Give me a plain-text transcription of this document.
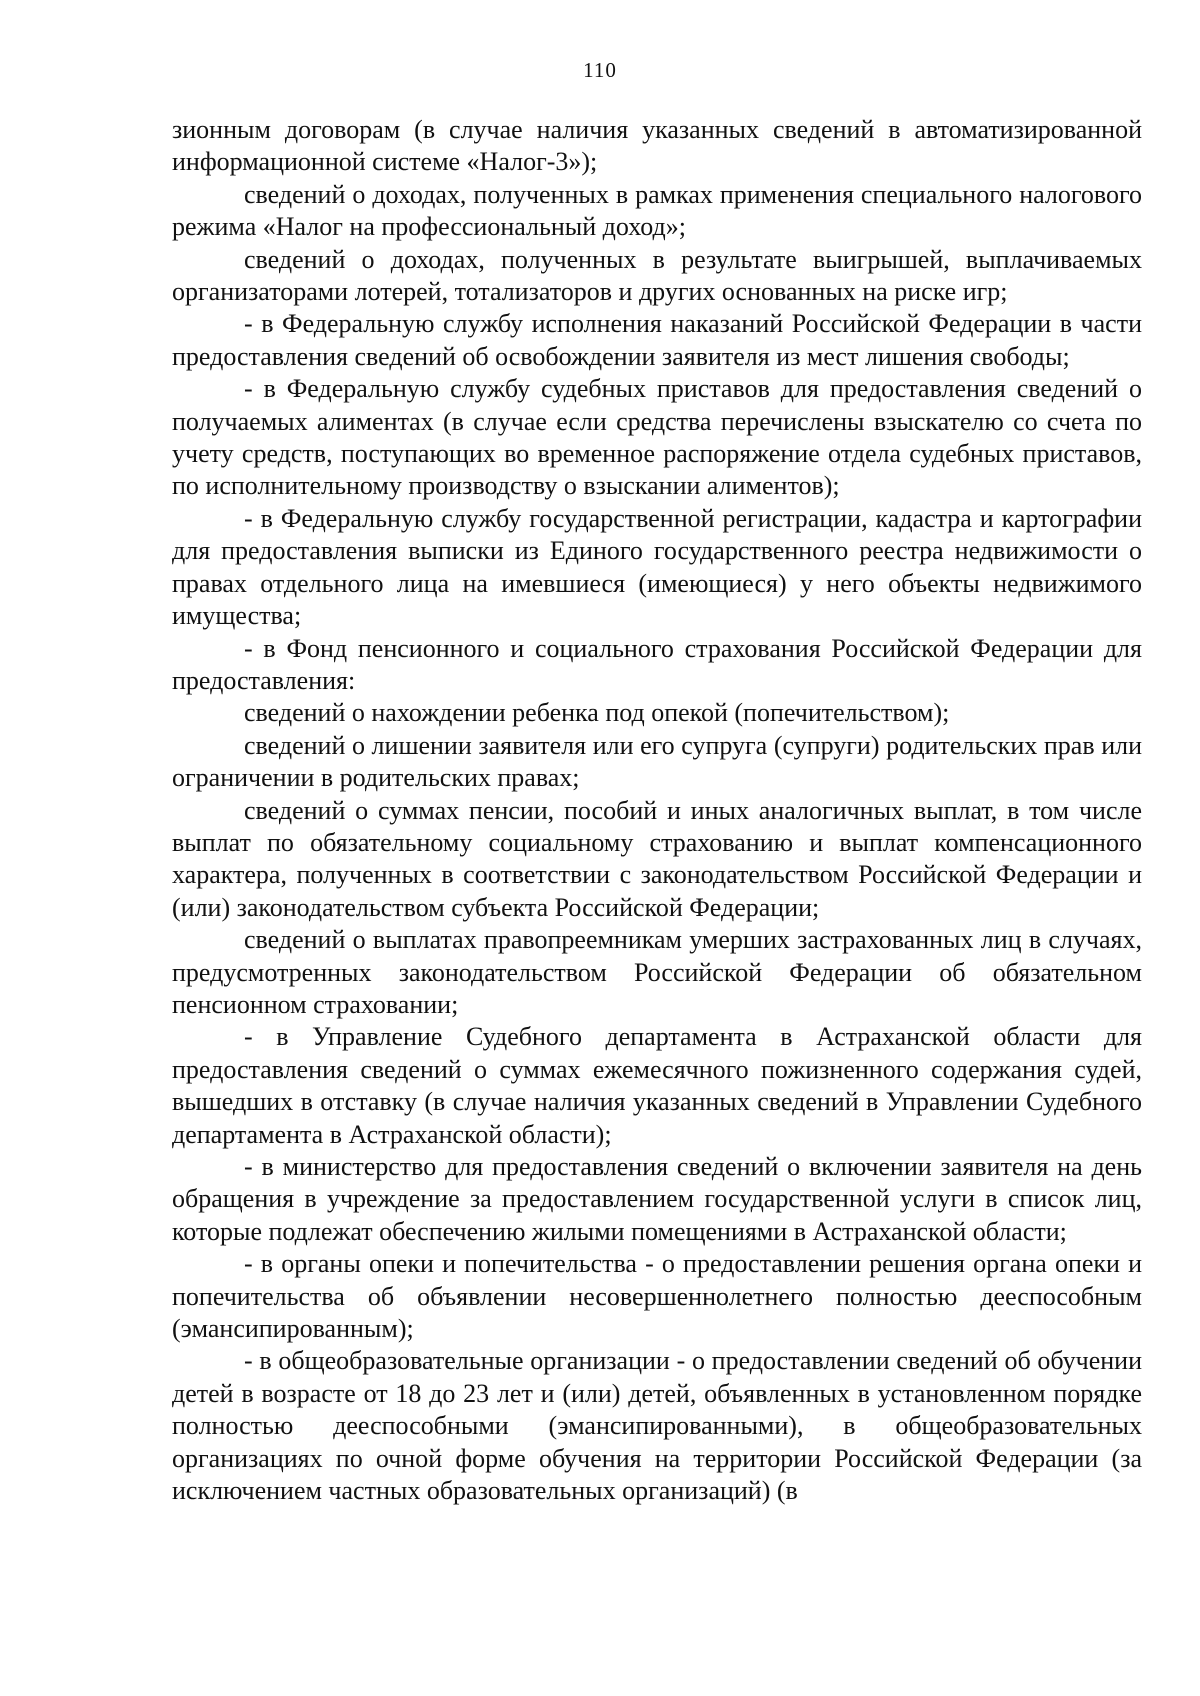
110

зионным договорам (в случае наличия указанных сведений в автоматизированной информационной системе «Налог-3»);

сведений о доходах, полученных в рамках применения специального налогового режима «Налог на профессиональный доход»;

сведений о доходах, полученных в результате выигрышей, выплачиваемых организаторами лотерей, тотализаторов и других основанных на риске игр;

- в Федеральную службу исполнения наказаний Российской Федерации в части предоставления сведений об освобождении заявителя из мест лишения свободы;

- в Федеральную службу судебных приставов для предоставления сведений о получаемых алиментах (в случае если средства перечислены взыскателю со счета по учету средств, поступающих во временное распоряжение отдела судебных приставов, по исполнительному производству о взыскании алиментов);

- в Федеральную службу государственной регистрации, кадастра и картографии для предоставления выписки из Единого государственного реестра недвижимости о правах отдельного лица на имевшиеся (имеющиеся) у него объекты недвижимого имущества;

- в Фонд пенсионного и социального страхования Российской Федерации для предоставления:

сведений о нахождении ребенка под опекой (попечительством);

сведений о лишении заявителя или его супруга (супруги) родительских прав или ограничении в родительских правах;

сведений о суммах пенсии, пособий и иных аналогичных выплат, в том числе выплат по обязательному социальному страхованию и выплат компенсационного характера, полученных в соответствии с законодательством Российской Федерации и (или) законодательством субъекта Российской Федерации;

сведений о выплатах правопреемникам умерших застрахованных лиц в случаях, предусмотренных законодательством Российской Федерации об обязательном пенсионном страховании;

- в Управление Судебного департамента в Астраханской области для предоставления сведений о суммах ежемесячного пожизненного содержания судей, вышедших в отставку (в случае наличия указанных сведений в Управлении Судебного департамента в Астраханской области);

- в министерство для предоставления сведений о включении заявителя на день обращения в учреждение за предоставлением государственной услуги в список лиц, которые подлежат обеспечению жилыми помещениями в Астраханской области;

- в органы опеки и попечительства - о предоставлении решения органа опеки и попечительства об объявлении несовершеннолетнего полностью дееспособным (эмансипированным);

- в общеобразовательные организации - о предоставлении сведений об обучении детей в возрасте от 18 до 23 лет и (или) детей, объявленных в установленном порядке полностью дееспособными (эмансипированными), в общеобразовательных организациях по очной форме обучения на территории Российской Федерации (за исключением частных образовательных организаций) (в
